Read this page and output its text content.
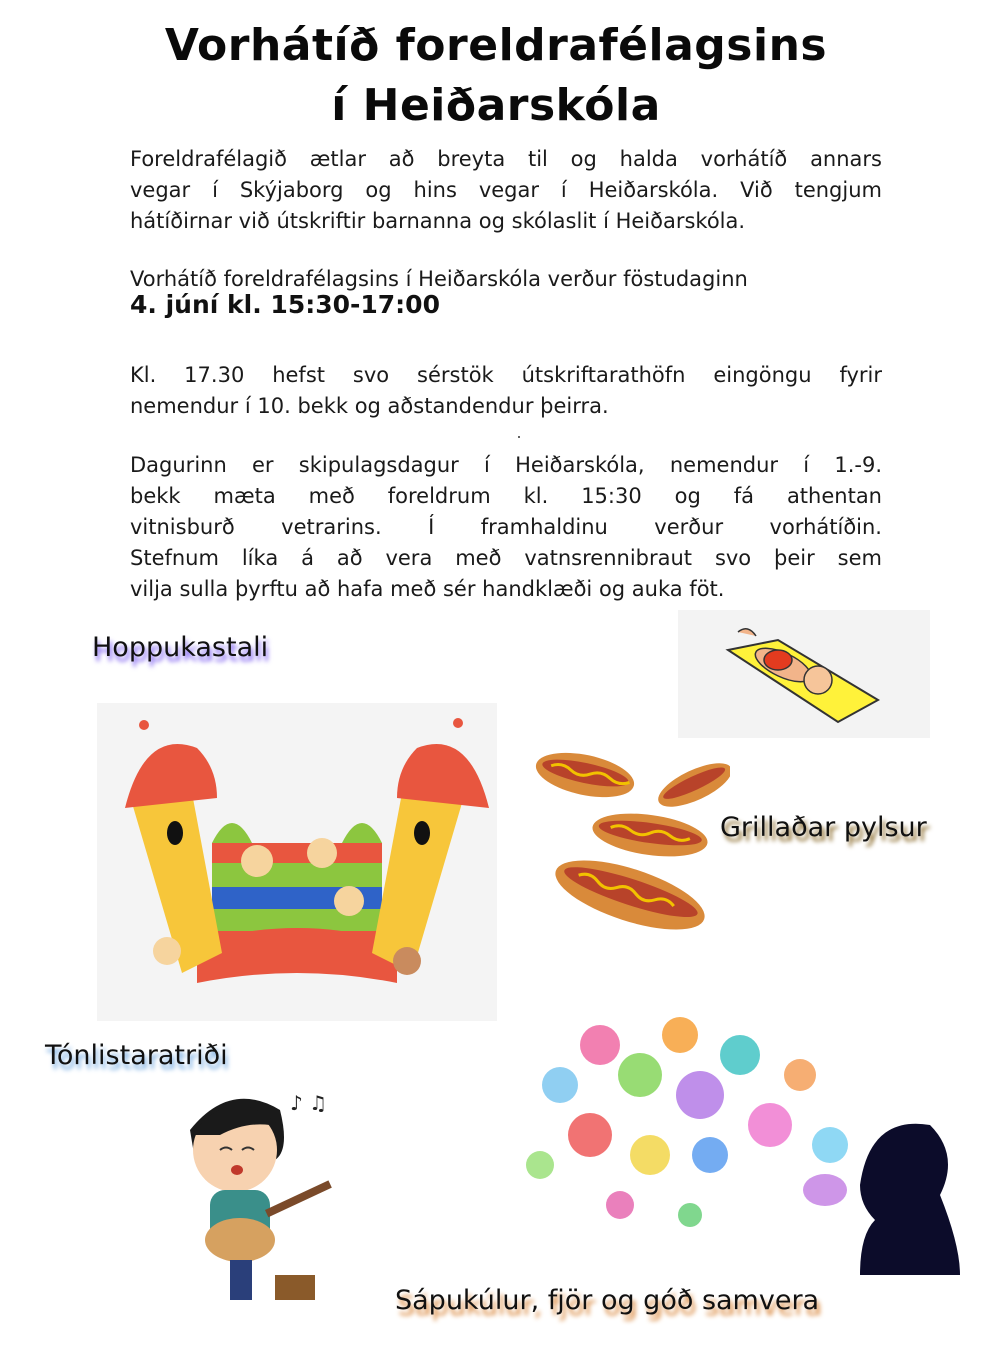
Vorhátíð foreldrafélagsins
í Heiðarskóla
Foreldrafélagið ætlar að breyta til og halda vorhátíð annars
vegar í Skýjaborg og hins vegar í Heiðarskóla. Við tengjum
hátíðirnar við útskriftir barnanna og skólaslit í Heiðarskóla.
Vorhátíð foreldrafélagsins í Heiðarskóla verður föstudaginn
4. júní kl. 15:30-17:00
Kl. 17.30 hefst svo sérstök útskriftarathöfn eingöngu fyrir
nemendur í 10. bekk og aðstandendur þeirra.
Dagurinn er skipulagsdagur í Heiðarskóla, nemendur í 1.-9.
bekk mæta með foreldrum kl. 15:30 og fá athentan
vitnisburð vetrarins. Í framhaldinu verður vorhátíðin.
Stefnum líka á að vera með vatnsrennibraut svo þeir sem
vilja sulla þyrftu að hafa með sér handklæði og auka föt.
Hoppukastali
Grillaðar pylsur
Tónlistaratriði
Sápukúlur, fjör og góð samvera
♪ ♫
